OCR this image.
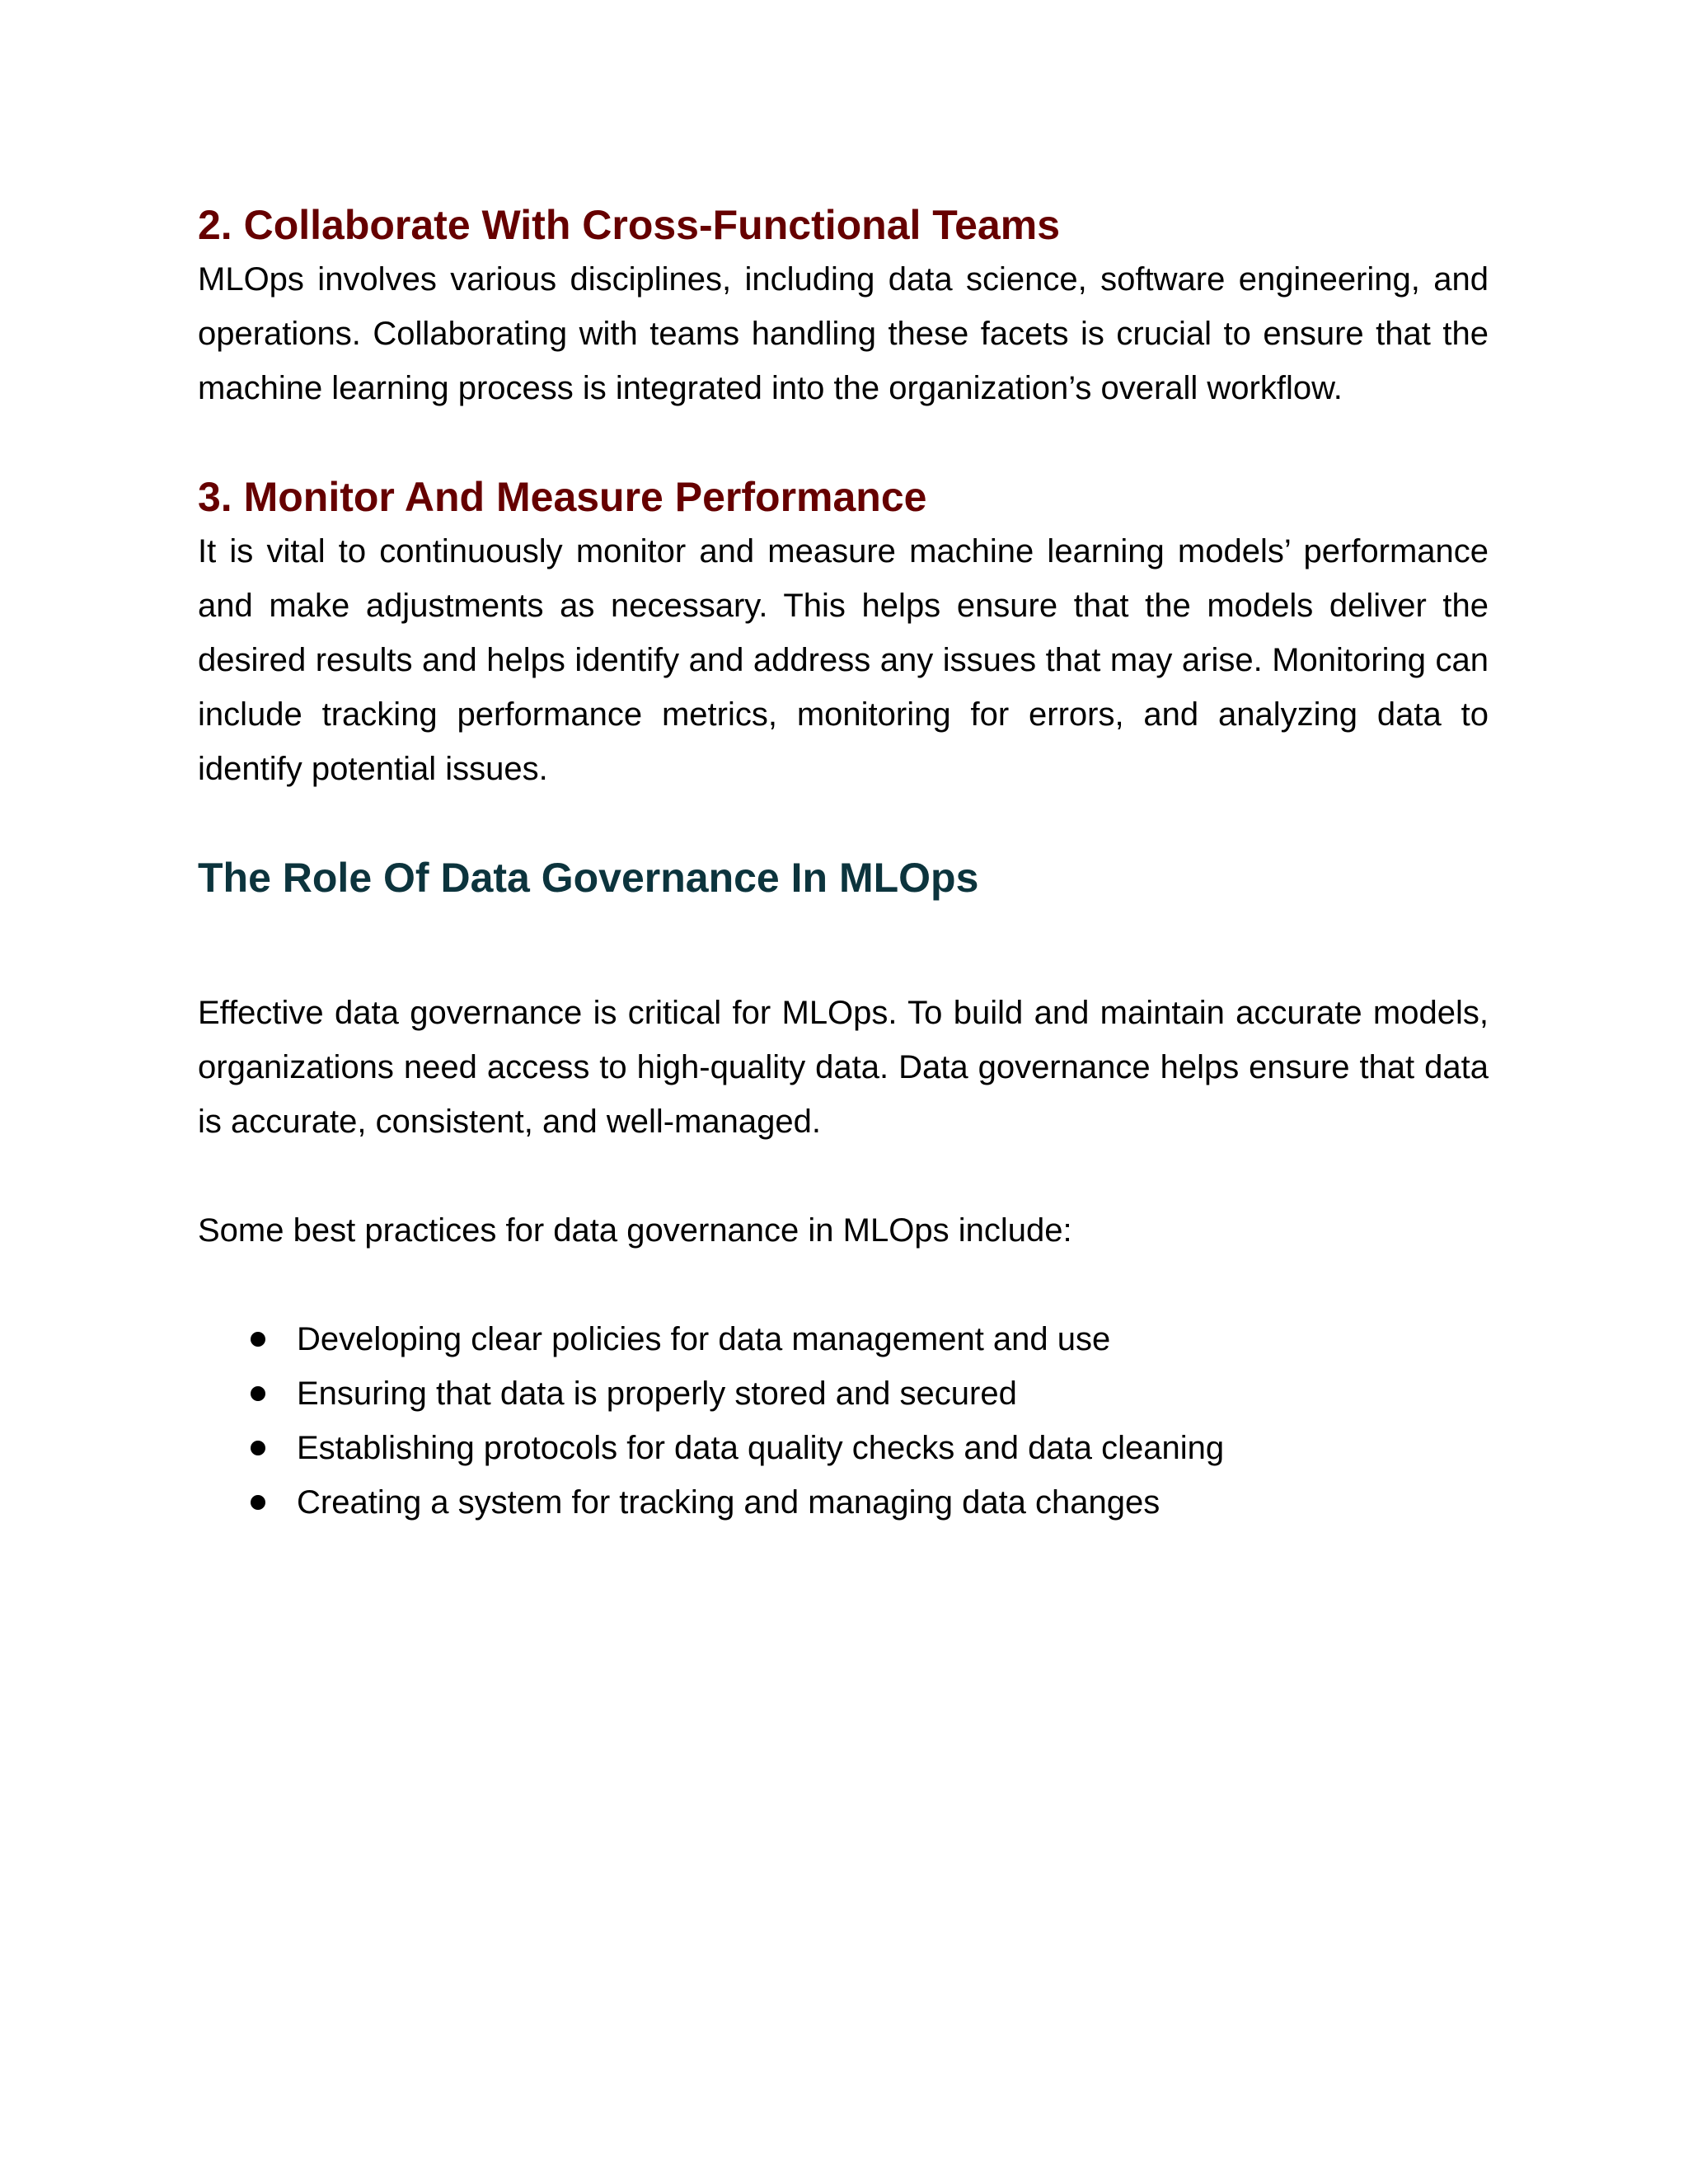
2. Collaborate With Cross-Functional Teams

MLOps involves various disciplines, including data science, software engineering, and operations. Collaborating with teams handling these facets is crucial to ensure that the machine learning process is integrated into the organization’s overall workflow.

3. Monitor And Measure Performance

It is vital to continuously monitor and measure machine learning models’ performance and make adjustments as necessary. This helps ensure that the models deliver the desired results and helps identify and address any issues that may arise. Monitoring can include tracking performance metrics, monitoring for errors, and analyzing data to identify potential issues.

The Role Of Data Governance In MLOps

Effective data governance is critical for MLOps. To build and maintain accurate models, organizations need access to high-quality data. Data governance helps ensure that data is accurate, consistent, and well-managed.

Some best practices for data governance in MLOps include:

Developing clear policies for data management and use
Ensuring that data is properly stored and secured
Establishing protocols for data quality checks and data cleaning
Creating a system for tracking and managing data changes
